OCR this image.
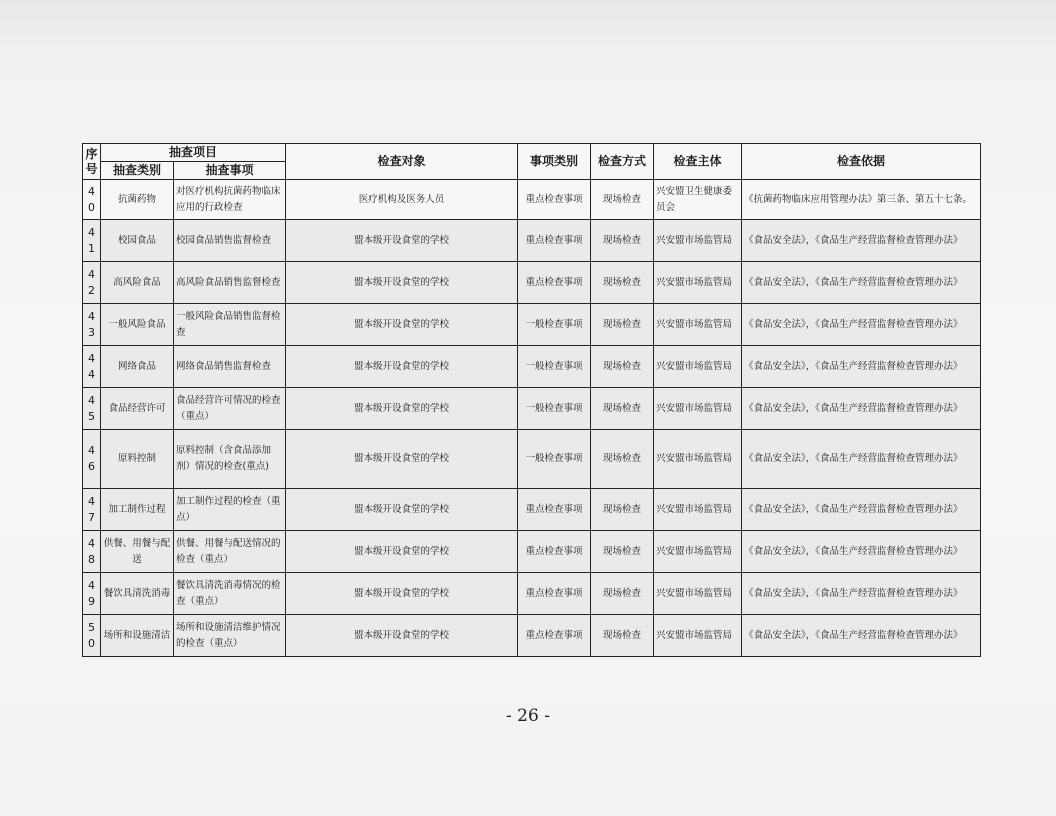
序
号	抽查项目		检查对象	事项类别	检查方式	检查主体	检查依据
	抽查类别	抽查事项					
40	抗菌药物	对医疗机构抗菌药物临床应用的行政检查	医疗机构及医务人员	重点检查事项	现场检查	兴安盟卫生健康委员会	《抗菌药物临床应用管理办法》第三条、第五十七条。
41	校园食品	校园食品销售监督检查	盟本级开设食堂的学校	重点检查事项	现场检查	兴安盟市场监管局	《食品安全法》，《食品生产经营监督检查管理办法》
42	高风险食品	高风险食品销售监督检查	盟本级开设食堂的学校	重点检查事项	现场检查	兴安盟市场监管局	《食品安全法》，《食品生产经营监督检查管理办法》
43	一般风险食品	一般风险食品销售监督检查	盟本级开设食堂的学校	一般检查事项	现场检查	兴安盟市场监管局	《食品安全法》，《食品生产经营监督检查管理办法》
44	网络食品	网络食品销售监督检查	盟本级开设食堂的学校	一般检查事项	现场检查	兴安盟市场监管局	《食品安全法》，《食品生产经营监督检查管理办法》
45	食品经营许可	食品经营许可情况的检查（重点）	盟本级开设食堂的学校	一般检查事项	现场检查	兴安盟市场监管局	《食品安全法》，《食品生产经营监督检查管理办法》
46	原料控制	原料控制（含食品添加剂）情况的检查(重点)	盟本级开设食堂的学校	一般检查事项	现场检查	兴安盟市场监管局	《食品安全法》，《食品生产经营监督检查管理办法》
47	加工制作过程	加工制作过程的检查（重点）	盟本级开设食堂的学校	重点检查事项	现场检查	兴安盟市场监管局	《食品安全法》，《食品生产经营监督检查管理办法》
48	供餐、用餐与配送	供餐、用餐与配送情况的检查（重点）	盟本级开设食堂的学校	重点检查事项	现场检查	兴安盟市场监管局	《食品安全法》，《食品生产经营监督检查管理办法》
49	餐饮具清洗消毒	餐饮具清洗消毒情况的检查（重点）	盟本级开设食堂的学校	重点检查事项	现场检查	兴安盟市场监管局	《食品安全法》，《食品生产经营监督检查管理办法》
50	场所和设施清洁	场所和设施清洁维护情况的检查（重点）	盟本级开设食堂的学校	重点检查事项	现场检查	兴安盟市场监管局	《食品安全法》，《食品生产经营监督检查管理办法》
- 26 -
